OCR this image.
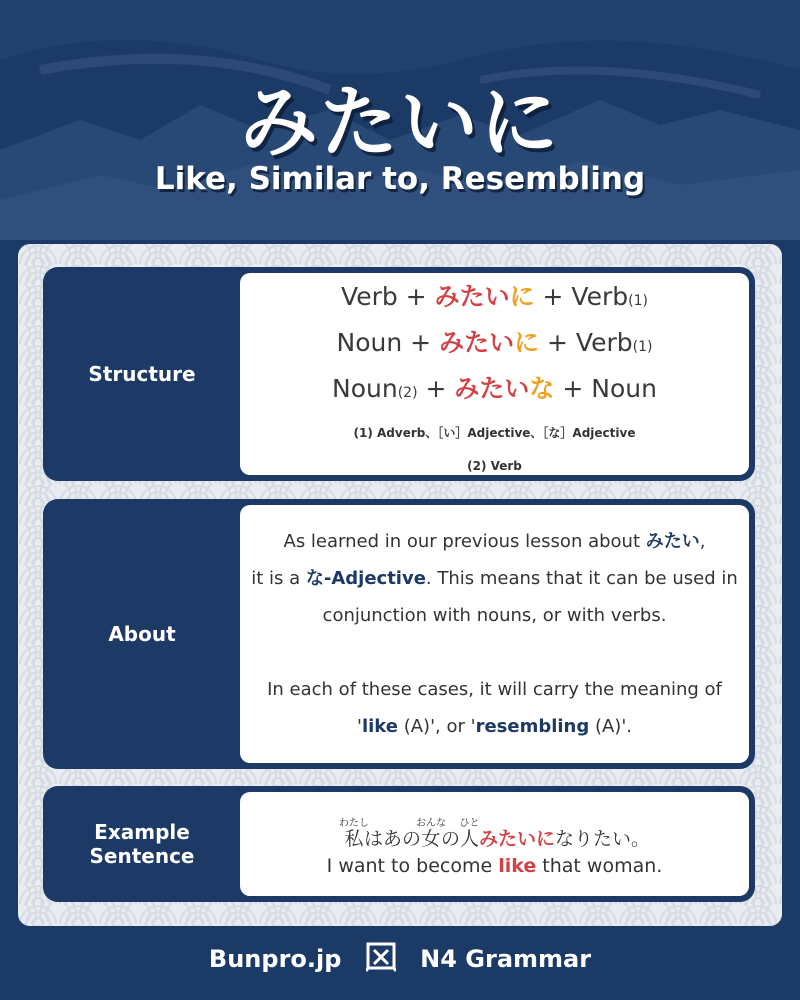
みたいに
Like, Similar to, Resembling
Structure
Verb + みたいに + Verb(1)
Noun + みたいに + Verb(1)
Noun(2) + みたいな + Noun
(1) Adverb、［い］Adjective、［な］Adjective
(2) Verb
About
As learned in our previous lesson about みたい,
it is a な-Adjective. This means that it can be used in
conjunction with nouns, or with verbs.
In each of these cases, it will carry the meaning of
'like (A)', or 'resembling (A)'.
Example
Sentence
私わたしはあの女おんなの人ひとみたいになりたい。
I want to become like that woman.
Bunpro.jp	N4 Grammar
